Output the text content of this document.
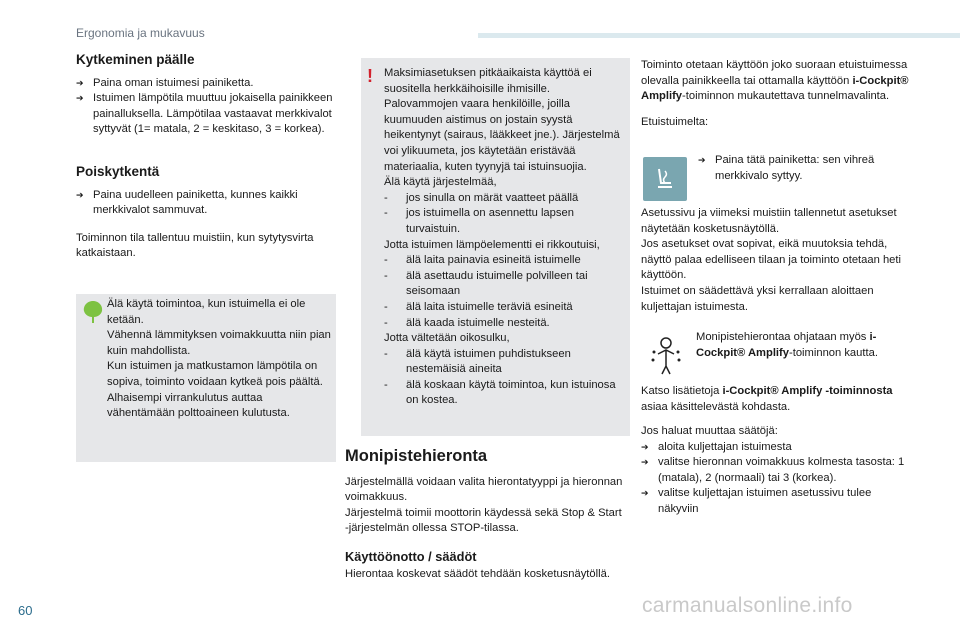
Ergonomia ja mukavuus
Kytkeminen päälle
➔ Paina oman istuimesi painiketta.
➔ Istuimen lämpötila muuttuu jokaisella painikkeen painalluksella. Lämpötilaa vastaavat merkkivalot syttyvät (1= matala, 2 = keskitaso, 3 = korkea).
Poiskytkentä
➔ Paina uudelleen painiketta, kunnes kaikki merkkivalot sammuvat.

Toiminnon tila tallentuu muistiin, kun sytytysvirta katkaistaan.

Älä käytä toimintoa, kun istuimella ei ole ketään.

Vähennä lämmityksen voimakkuutta niin pian kuin mahdollista.

Kun istuimen ja matkustamon lämpötila on sopiva, toiminto voidaan kytkeä pois päältä. Alhaisempi virrankulutus auttaa vähentämään polttoaineen kulutusta.

! Maksimiasetuksen pitkäaikaista käyttöä ei suositella herkkäihoisille ihmisille. Palovammojen vaara henkilöille, joilla kuumuuden aistimus on jostain syystä heikentynyt (sairaus, lääkkeet jne.). Järjestelmä voi ylikuumeta, jos käytetään eristävää materiaalia, kuten tyynyjä tai istuinsuojia.

Älä käytä järjestelmää,

- jos sinulla on märät vaatteet päällä
- jos istuimella on asennettu lapsen turvaistuin.

Jotta istuimen lämpöelementti ei rikkoutuisi,

- älä laita painavia esineitä istuimelle
- älä asettaudu istuimelle polvilleen tai seisomaan
- älä laita istuimelle teräviä esineitä
- älä kaada istuimelle nesteitä.

Jotta vältetään oikosulku,

- älä käytä istuimen puhdistukseen nestemäisiä aineita
- älä koskaan käytä toimintoa, kun istuinosa on kostea.
Monipistehieronta

Järjestelmällä voidaan valita hierontatyyppi ja hieronnan voimakkuus.
Järjestelmä toimii moottorin käydessä sekä Stop & Start -järjestelmän ollessa STOP-tilassa.

Käyttöönotto / säädöt

Hierontaa koskevat säädöt tehdään kosketusnäytöllä.

Toiminto otetaan käyttöön joko suoraan etuistuimessa olevalla painikkeella tai ottamalla käyttöön i-Cockpit® Amplify-toiminnon mukautettava tunnelmavalinta.

Etuistuimelta:

➔ Paina tätä painiketta: sen vihreä merkkivalo syttyy.
Asetussivu ja viimeksi muistiin tallennetut asetukset näytetään kosketusnäytöllä.
Jos asetukset ovat sopivat, eikä muutoksia tehdä, näyttö palaa edelliseen tilaan ja toiminto otetaan heti käyttöön.
Istuimet on säädettävä yksi kerrallaan aloittaen kuljettajan istuimesta.
Monipistehierontaa ohjataan myös i-Cockpit® Amplify-toiminnon kautta.
Katso lisätietoja i-Cockpit® Amplify -toiminnosta asiaa käsittelevästä kohdasta.

Jos haluat muuttaa säätöjä:

➔ aloita kuljettajan istuimesta
➔ valitse hieronnan voimakkuus kolmesta tasosta: 1 (matala), 2 (normaali) tai 3 (korkea).
➔ valitse kuljettajan istuimen asetussivu tulee näkyviin
60	carmanualsonline.info
